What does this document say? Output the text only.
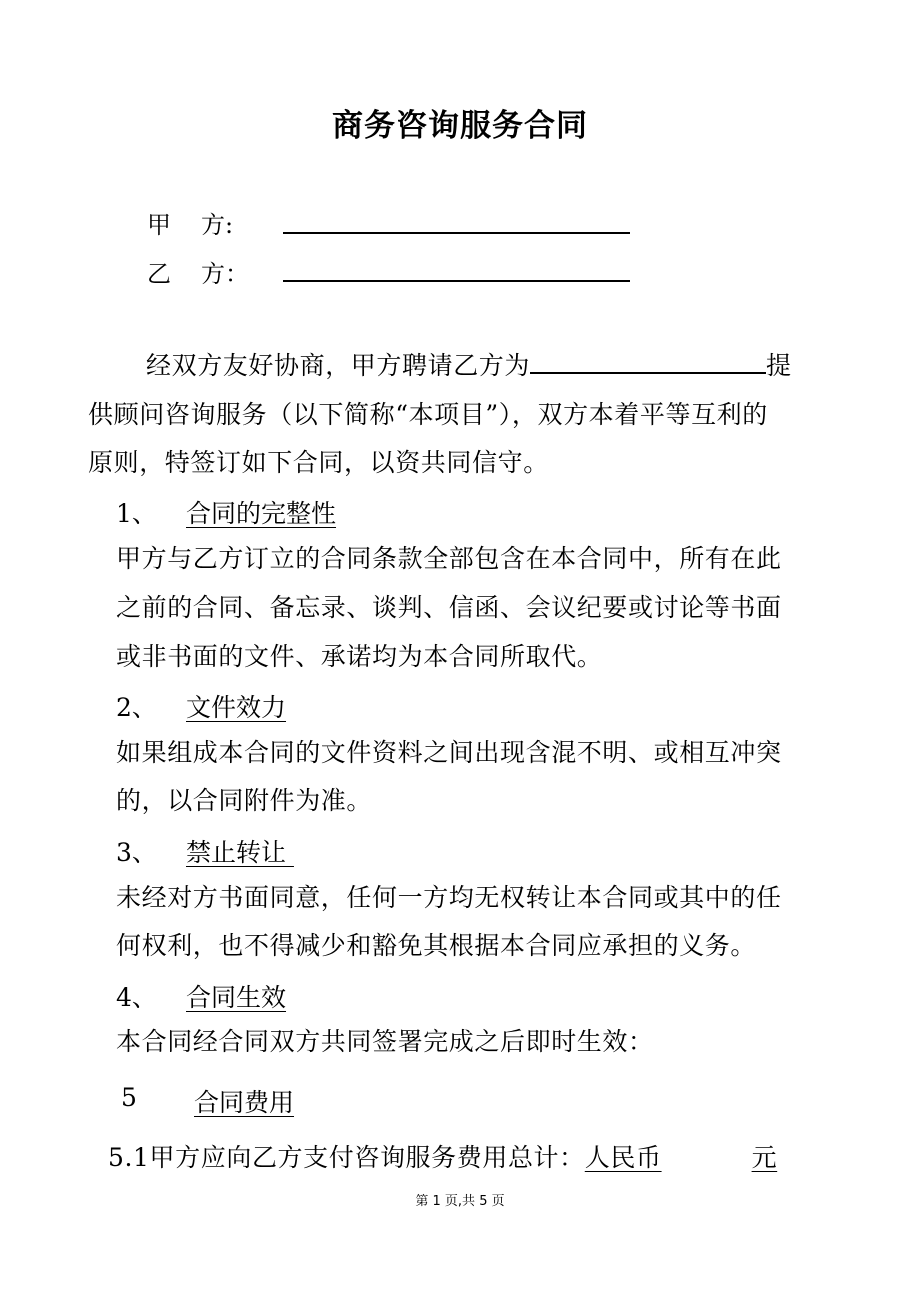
商务咨询服务合同
甲 方:
乙 方：
经双方友好协商，甲方聘请乙方为	提
供顾问咨询服务（以下简称“本项目”），双方本着平等互利的
原则，特签订如下合同，以资共同信守。
1、 合同的完整性
甲方与乙方订立的合同条款全部包含在本合同中，所有在此
之前的合同、备忘录、谈判、信函、会议纪要或讨论等书面
或非书面的文件、承诺均为本合同所取代。
2、 文件效力
如果组成本合同的文件资料之间出现含混不明、或相互冲突
的，以合同附件为准。
3、 禁止转让
未经对方书面同意，任何一方均无权转让本合同或其中的任
何权利，也不得减少和豁免其根据本合同应承担的义务。
4、 合同生效
本合同经合同双方共同签署完成之后即时生效：
5 合同费用
5.1甲方应向乙方支付咨询服务费用总计：人民币	元
第 1 页,共 5 页
